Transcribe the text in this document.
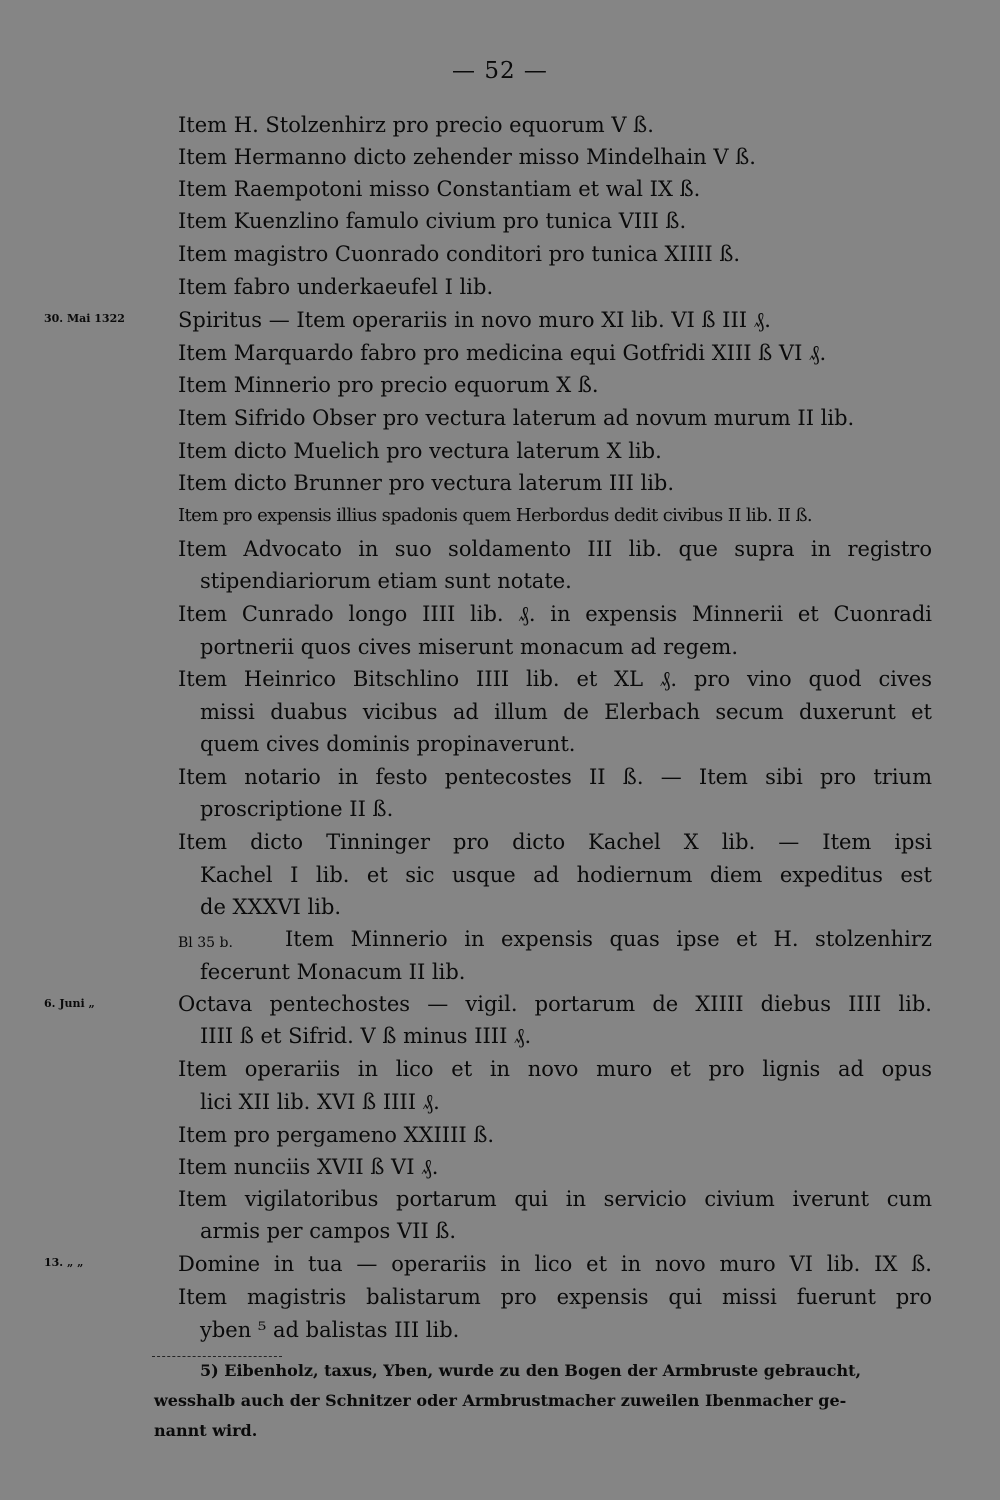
— 52 —
30. Mai 1322
6. Juni „
13. „ „
Item H. Stolzenhirz pro precio equorum V ß.
Item Hermanno dicto zehender misso Mindelhain V ß.
Item Raempotoni misso Constantiam et wal IX ß.
Item Kuenzlino famulo civium pro tunica VIII ß.
Item magistro Cuonrado conditori pro tunica XIIII ß.
Item fabro underkaeufel I lib.
Spiritus — Item operariis in novo muro XI lib. VI ß III ₰.
Item Marquardo fabro pro medicina equi Gotfridi XIII ß VI ₰.
Item Minnerio pro precio equorum X ß.
Item Sifrido Obser pro vectura laterum ad novum murum II lib.
Item dicto Muelich pro vectura laterum X lib.
Item dicto Brunner pro vectura laterum III lib.
Item pro expensis illius spadonis quem Herbordus dedit civibus II lib. II ß.
Item Advocato in suo soldamento III lib. que supra in registro
stipendiariorum etiam sunt notate.
Item Cunrado longo IIII lib. ₰. in expensis Minnerii et Cuonradi
portnerii quos cives miserunt monacum ad regem.
Item Heinrico Bitschlino IIII lib. et XL ₰. pro vino quod cives
missi duabus vicibus ad illum de Elerbach secum duxerunt et
quem cives dominis propinaverunt.
Item notario in festo pentecostes II ß. — Item sibi pro trium
proscriptione II ß.
Item dicto Tinninger pro dicto Kachel X lib. — Item ipsi
Kachel I lib. et sic usque ad hodiernum diem expeditus est
de XXXVI lib.
Bl 35 b. Item Minnerio in expensis quas ipse et H. stolzenhirz
fecerunt Monacum II lib.
Octava pentechostes — vigil. portarum de XIIII diebus IIII lib.
IIII ß et Sifrid. V ß minus IIII ₰.
Item operariis in lico et in novo muro et pro lignis ad opus
lici XII lib. XVI ß IIII ₰.
Item pro pergameno XXIIII ß.
Item nunciis XVII ß VI ₰.
Item vigilatoribus portarum qui in servicio civium iverunt cum
armis per campos VII ß.
Domine in tua — operariis in lico et in novo muro VI lib. IX ß.
Item magistris balistarum pro expensis qui missi fuerunt pro
yben ⁵ ad balistas III lib.
5) Eibenholz, taxus, Yben, wurde zu den Bogen der Armbruste gebraucht,
wesshalb auch der Schnitzer oder Armbrustmacher zuweilen Ibenmacher ge-
nannt wird.
